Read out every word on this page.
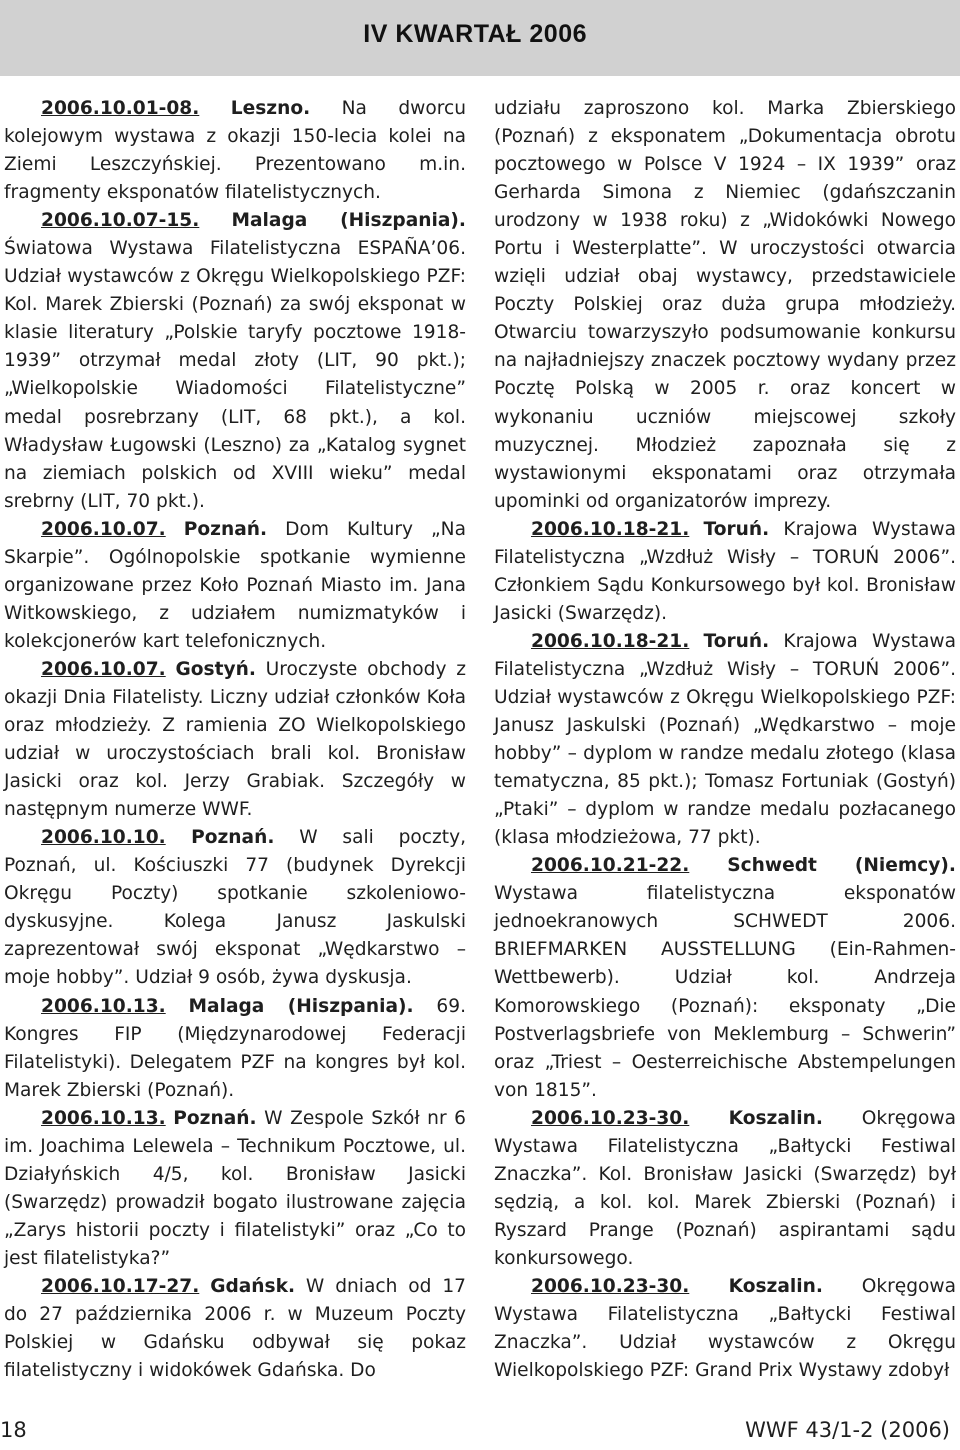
IV KWARTAŁ 2006

2006.10.01-08. Leszno. Na dworcu kolejowym wystawa z okazji 150-lecia kolei na Ziemi Leszczyńskiej. Prezentowano m.in. fragmenty eksponatów filatelistycznych.

2006.10.07-15. Malaga (Hiszpania). Światowa Wystawa Filatelistyczna ESPAÑA’06. Udział wystawców z Okręgu Wielkopolskiego PZF: Kol. Marek Zbierski (Poznań) za swój eksponat w klasie literatury „Polskie taryfy pocztowe 1918-1939” otrzymał medal złoty (LIT, 90 pkt.); „Wielkopolskie Wiadomości Filatelistyczne” medal posrebrzany (LIT, 68 pkt.), a kol. Władysław Ługowski (Leszno) za „Katalog sygnet na ziemiach polskich od XVIII wieku” medal srebrny (LIT, 70 pkt.).

2006.10.07. Poznań. Dom Kultury „Na Skarpie”. Ogólnopolskie spotkanie wymienne organizowane przez Koło Poznań Miasto im. Jana Witkowskiego, z udziałem numizmatyków i kolekcjonerów kart telefonicznych.

2006.10.07. Gostyń. Uroczyste obchody z okazji Dnia Filatelisty. Liczny udział członków Koła oraz młodzieży. Z ramienia ZO Wielkopolskiego udział w uroczystościach brali kol. Bronisław Jasicki oraz kol. Jerzy Grabiak. Szczegóły w następnym numerze WWF.

2006.10.10. Poznań. W sali poczty, Poznań, ul. Kościuszki 77 (budynek Dyrekcji Okręgu Poczty) spotkanie szkoleniowo-dyskusyjne. Kolega Janusz Jaskulski zaprezentował swój eksponat „Wędkarstwo – moje hobby”. Udział 9 osób, żywa dyskusja.

2006.10.13. Malaga (Hiszpania). 69. Kongres FIP (Międzynarodowej Federacji Filatelistyki). Delegatem PZF na kongres był kol. Marek Zbierski (Poznań).

2006.10.13. Poznań. W Zespole Szkół nr 6 im. Joachima Lelewela – Technikum Pocztowe, ul. Działyńskich 4/5, kol. Bronisław Jasicki (Swarzędz) prowadził bogato ilustrowane zajęcia „Zarys historii poczty i filatelistyki” oraz „Co to jest filatelistyka?”

2006.10.17-27. Gdańsk. W dniach od 17 do 27 października 2006 r. w Muzeum Poczty Polskiej w Gdańsku odbywał się pokaz filatelistyczny i widokówek Gdańska. Do

udziału zaproszono kol. Marka Zbierskiego (Poznań) z eksponatem „Dokumentacja obrotu pocztowego w Polsce V 1924 – IX 1939” oraz Gerharda Simona z Niemiec (gdańszczanin urodzony w 1938 roku) z „Widokówki Nowego Portu i Westerplatte”. W uroczystości otwarcia wzięli udział obaj wystawcy, przedstawiciele Poczty Polskiej oraz duża grupa młodzieży. Otwarciu towarzyszyło podsumowanie konkursu na najładniejszy znaczek pocztowy wydany przez Pocztę Polską w 2005 r. oraz koncert w wykonaniu uczniów miejscowej szkoły muzycznej. Młodzież zapoznała się z wystawionymi eksponatami oraz otrzymała upominki od organizatorów imprezy.

2006.10.18-21. Toruń. Krajowa Wystawa Filatelistyczna „Wzdłuż Wisły – TORUŃ 2006”. Członkiem Sądu Konkursowego był kol. Bronisław Jasicki (Swarzędz).

2006.10.18-21. Toruń. Krajowa Wystawa Filatelistyczna „Wzdłuż Wisły – TORUŃ 2006”. Udział wystawców z Okręgu Wielkopolskiego PZF: Janusz Jaskulski (Poznań) „Wędkarstwo – moje hobby” – dyplom w randze medalu złotego (klasa tematyczna, 85 pkt.); Tomasz Fortuniak (Gostyń) „Ptaki” – dyplom w randze medalu pozłacanego (klasa młodzieżowa, 77 pkt).

2006.10.21-22. Schwedt (Niemcy). Wystawa filatelistyczna eksponatów jednoekranowych SCHWEDT 2006. BRIEFMARKEN AUSSTELLUNG (Ein-Rahmen-Wettbewerb). Udział kol. Andrzeja Komorowskiego (Poznań): eksponaty „Die Postverlagsbriefe von Meklemburg – Schwerin” oraz „Triest – Oesterreichische Abstempelungen von 1815”.

2006.10.23-30. Koszalin. Okręgowa Wystawa Filatelistyczna „Bałtycki Festiwal Znaczka”. Kol. Bronisław Jasicki (Swarzędz) był sędzią, a kol. kol. Marek Zbierski (Poznań) i Ryszard Prange (Poznań) aspirantami sądu konkursowego.

2006.10.23-30. Koszalin. Okręgowa Wystawa Filatelistyczna „Bałtycki Festiwal Znaczka”. Udział wystawców z Okręgu Wielkopolskiego PZF: Grand Prix Wystawy zdobył

18	WWF 43/1-2 (2006)
